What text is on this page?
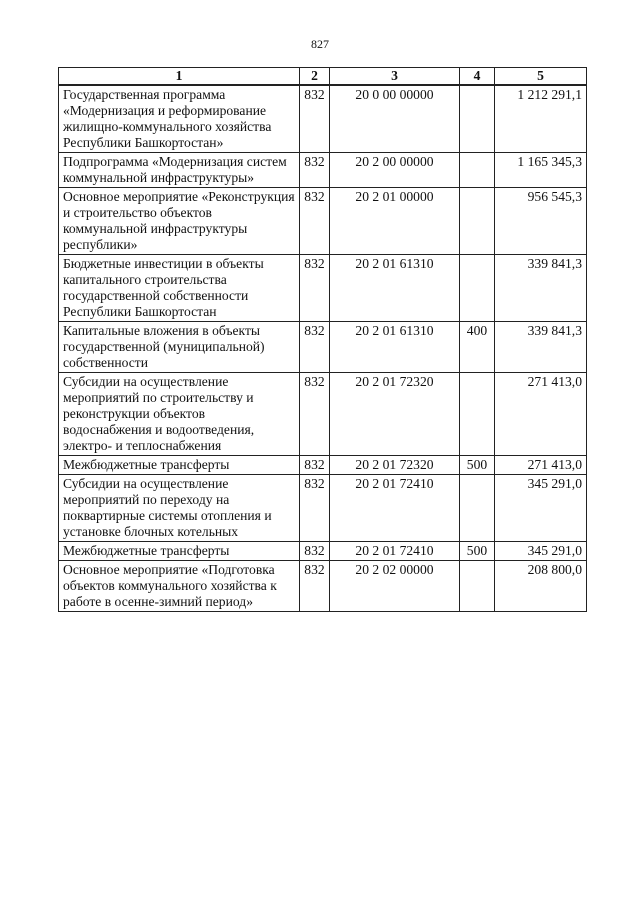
827
1	2	3	4	5
Государственная программа «Модернизация и реформирование жилищно-коммунального хозяйства Республики Башкортостан»	832	20 0 00 00000		1 212 291,1
Подпрограмма «Модернизация систем коммунальной инфраструктуры»	832	20 2 00 00000		1 165 345,3
Основное мероприятие «Реконструкция и строительство объектов коммунальной инфраструктуры республики»	832	20 2 01 00000		956 545,3
Бюджетные инвестиции в объекты капитального строительства государственной собственности Республики Башкортостан	832	20 2 01 61310		339 841,3
Капитальные вложения в объекты государственной (муниципальной) собственности	832	20 2 01 61310	400	339 841,3
Субсидии на осуществление мероприятий по строительству и реконструкции объектов водоснабжения и водоотведения, электро- и теплоснабжения	832	20 2 01 72320		271 413,0
Межбюджетные трансферты	832	20 2 01 72320	500	271 413,0
Субсидии на осуществление мероприятий по переходу на поквартирные системы отопления и установке блочных котельных	832	20 2 01 72410		345 291,0
Межбюджетные трансферты	832	20 2 01 72410	500	345 291,0
Основное мероприятие «Подготовка объектов коммунального хозяйства к работе в осенне-зимний период»	832	20 2 02 00000		208 800,0
